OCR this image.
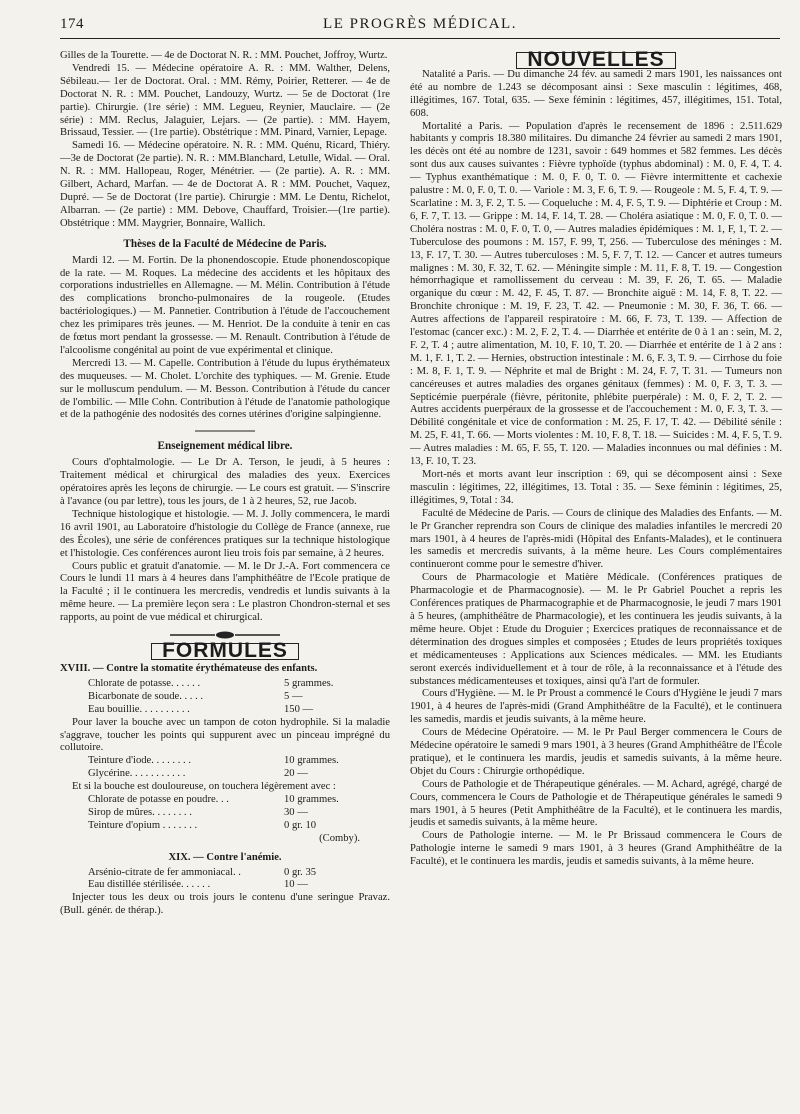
174	LE PROGRÈS MÉDICAL.

Gilles de la Tourette. — 4e de Doctorat N. R. : MM. Pouchet, Joffroy, Wurtz.

Vendredi 15. — Médecine opératoire A. R. : MM. Walther, Delens, Sébileau.— 1er de Doctorat. Oral. : MM. Rémy, Poirier, Retterer. — 4e de Doctorat N. R. : MM. Pouchet, Landouzy, Wurtz. — 5e de Doctorat (1re partie). Chirurgie. (1re série) : MM. Legueu, Reynier, Mauclaire. — (2e série) : MM. Reclus, Jalaguier, Lejars. — (2e partie). : MM. Hayem, Brissaud, Tessier. — (1re partie). Obstétrique : MM. Pinard, Varnier, Lepage.

Samedi 16. — Médecine opératoire. N. R. : MM. Quénu, Ricard, Thiéry.—3e de Doctorat (2e partie). N. R. : MM.Blanchard, Letulle, Widal. — Oral. N. R. : MM. Hallopeau, Roger, Ménétrier. — (2e partie). A. R. : MM. Gilbert, Achard, Marfan. — 4e de Doctorat A. R : MM. Pouchet, Vaquez, Dupré. — 5e de Doctorat (1re partie). Chirurgie : MM. Le Dentu, Richelot, Albarran. — (2e partie) : MM. Debove, Chauffard, Troisier.—(1re partie). Obstétrique : MM. Maygrier, Bonnaire, Wallich.

Thèses de la Faculté de Médecine de Paris.

Mardi 12. — M. Fortin. De la phonendoscopie. Etude phonendoscopique de la rate. — M. Roques. La médecine des accidents et les hôpitaux des corporations industrielles en Allemagne. — M. Mélin. Contribution à l'étude des complications broncho-pulmonaires de la rougeole. (Etudes bactériologiques.) — M. Pannetier. Contribution à l'étude de l'accouchement chez les primipares très jeunes. — M. Henriot. De la conduite à tenir en cas de fœtus mort pendant la grossesse. — M. Renault. Contribution à l'étude de l'alcoolisme congénital au point de vue expérimental et clinique.

Mercredi 13. — M. Capelle. Contribution à l'étude du lupus érythémateux des muqueuses. — M. Cholet. L'orchite des typhiques. — M. Grenie. Etude sur le molluscum pendulum. — M. Besson. Contribution à l'étude du cancer de l'ombilic. — Mlle Cohn. Contribution à l'étude de l'anatomie pathologique et de la pathogénie des nodosités des cornes utérines d'origine salpingienne.

Enseignement médical libre.

Cours d'ophtalmologie. — Le Dr A. Terson, le jeudi, à 5 heures : Traitement médical et chirurgical des maladies des yeux. Exercices opératoires après les leçons de chirurgie. — Le cours est gratuit. — S'inscrire à l'avance (ou par lettre), tous les jours, de 1 à 2 heures, 52, rue Jacob.

Technique histologique et histologie. — M. J. Jolly commencera, le mardi 16 avril 1901, au Laboratoire d'histologie du Collège de France (annexe, rue des Écoles), une série de conférences pratiques sur la technique histologique et l'histologie. Ces conférences auront lieu trois fois par semaine, à 2 heures.

Cours public et gratuit d'anatomie. — M. le Dr J.-A. Fort commencera ce Cours le lundi 11 mars à 4 heures dans l'amphithéâtre de l'Ecole pratique de la Faculté ; il le continuera les mercredis, vendredis et lundis suivants à la même heure. — La première leçon sera : Le plastron Chondron-sternal et ses rapports, au point de vue médical et chirurgical.

FORMULES
XVIII. — Contre la stomatite érythémateuse des enfants.
Chlorate de potasse. . . . . .	5 grammes.
Bicarbonate de soude. . . . .	5 —
Eau bouillie. . . . . . . . . .	150 —

Pour laver la bouche avec un tampon de coton hydrophile. Si la maladie s'aggrave, toucher les points qui suppurent avec un pinceau imprégné du collutoire.

Teinture d'iode. . . . . . . .	10 grammes.
Glycérine. . . . . . . . . . .	20 —

Et si la bouche est douloureuse, on touchera légèrement avec :

Chlorate de potasse en poudre. . .	10 grammes.
Sirop de mûres. . . . . . . .	30 —
Teinture d'opium . . . . . . .	0 gr. 10
(Comby).
XIX. — Contre l'anémie.
Arsénio-citrate de fer ammoniacal. .	0 gr. 35
Eau distillée stérilisée. . . . . .	10 —

Injecter tous les deux ou trois jours le contenu d'une seringue Pravaz. (Bull. génér. de thérap.).

NOUVELLES

Natalité a Paris. — Du dimanche 24 fév. au samedi 2 mars 1901, les naissances ont été au nombre de 1.243 se décomposant ainsi : Sexe masculin : légitimes, 468, illégitimes, 167. Total, 635. — Sexe féminin : légitimes, 457, illégitimes, 151. Total, 608.

Mortalité a Paris. — Population d'après le recensement de 1896 : 2.511.629 habitants y compris 18.380 militaires. Du dimanche 24 février au samedi 2 mars 1901, les décès ont été au nombre de 1231, savoir : 649 hommes et 582 femmes. Les décès sont dus aux causes suivantes : Fièvre typhoïde (typhus abdominal) : M. 0, F. 4, T. 4. — Typhus exanthématique : M. 0, F. 0, T. 0. — Fièvre intermittente et cachexie palustre : M. 0, F. 0, T. 0. — Variole : M. 3, F. 6, T. 9. — Rougeole : M. 5, F. 4, T. 9. — Scarlatine : M. 3, F. 2, T. 5. — Coqueluche : M. 4, F. 5, T. 9. — Diphtérie et Croup : M. 6, F. 7, T. 13. — Grippe : M. 14, F. 14, T. 28. — Choléra asiatique : M. 0, F. 0, T. 0. — Choléra nostras : M. 0, F. 0, T. 0, — Autres maladies épidémiques : M. 1, F, 1, T. 2. — Tuberculose des poumons : M. 157, F. 99, T, 256. — Tuberculose des méninges : M. 13, F. 17, T. 30. — Autres tuberculoses : M. 5, F. 7, T. 12. — Cancer et autres tumeurs malignes : M. 30, F. 32, T. 62. — Méningite simple : M. 11, F. 8, T. 19. — Congestion hémorrhagique et ramollissement du cerveau : M. 39, F. 26, T. 65. — Maladie organique du cœur : M. 42, F. 45, T. 87. — Bronchite aiguë : M. 14, F. 8, T. 22. — Bronchite chronique : M. 19, F. 23, T. 42. — Pneumonie : M. 30, F. 36, T. 66. — Autres affections de l'appareil respiratoire : M. 66, F. 73, T. 139. — Affection de l'estomac (cancer exc.) : M. 2, F. 2, T. 4. — Diarrhée et entérite de 0 à 1 an : sein, M. 2, F. 2, T. 4 ; autre alimentation, M. 10, F. 10, T. 20. — Diarrhée et entérite de 1 à 2 ans : M. 1, F. 1, T. 2. — Hernies, obstruction intestinale : M. 6, F. 3, T. 9. — Cirrhose du foie : M. 8, F. 1, T. 9. — Néphrite et mal de Bright : M. 24, F. 7, T. 31. — Tumeurs non cancéreuses et autres maladies des organes génitaux (femmes) : M. 0, F. 3, T. 3. — Septicémie puerpérale (fièvre, péritonite, phlébite puerpérale) : M. 0, F. 2, T. 2. — Autres accidents puerpéraux de la grossesse et de l'accouchement : M. 0, F. 3, T. 3. — Débilité congénitale et vice de conformation : M. 25, F. 17, T. 42. — Débilité sénile : M. 25, F. 41, T. 66. — Morts violentes : M. 10, F. 8, T. 18. — Suicides : M. 4, F. 5, T. 9. — Autres maladies : M. 65, F. 55, T. 120. — Maladies inconnues ou mal définies : M. 13, F. 10, T. 23.

Mort-nés et morts avant leur inscription : 69, qui se décomposent ainsi : Sexe masculin : légitimes, 22, illégitimes, 13. Total : 35. — Sexe féminin : légitimes, 25, illégitimes, 9, Total : 34.

Faculté de Médecine de Paris. — Cours de clinique des Maladies des Enfants. — M. le Pr Grancher reprendra son Cours de clinique des maladies infantiles le mercredi 20 mars 1901, à 4 heures de l'après-midi (Hôpital des Enfants-Malades), et le continuera les samedis et mercredis suivants, à la même heure. Les Cours complémentaires continueront comme pour le semestre d'hiver.

Cours de Pharmacologie et Matière Médicale. (Conférences pratiques de Pharmacologie et de Pharmacognosie). — M. le Pr Gabriel Pouchet a repris les Conférences pratiques de Pharmacographie et de Pharmacognosie, le jeudi 7 mars 1901 à 5 heures, (amphithéâtre de Pharmacologie), et les continuera les jeudis suivants, à la même heure. Objet : Etude du Droguier ; Exercices pratiques de reconnaissance et de détermination des drogues simples et composées ; Etudes de leurs propriétés toxiques et médicamenteuses : Applications aux Sciences médicales. — MM. les Etudiants seront exercés individuellement et à tour de rôle, à la reconnaissance et à l'étude des substances médicamenteuses et toxiques, ainsi qu'à l'art de formuler.

Cours d'Hygiène. — M. le Pr Proust a commencé le Cours d'Hygiène le jeudi 7 mars 1901, à 4 heures de l'après-midi (Grand Amphithéâtre de la Faculté), et le continuera les samedis, mardis et jeudis suivants, à la même heure.

Cours de Médecine Opératoire. — M. le Pr Paul Berger commencera le Cours de Médecine opératoire le samedi 9 mars 1901, à 3 heures (Grand Amphithéâtre de l'École pratique), et le continuera les mardis, jeudis et samedis suivants, à la même heure. Objet du Cours : Chirurgie orthopédique.

Cours de Pathologie et de Thérapeutique générales. — M. Achard, agrégé, chargé de Cours, commencera le Cours de Pathologie et de Thérapeutique générales le samedi 9 mars 1901, à 5 heures (Petit Amphithéâtre de la Faculté), et le continuera les mardis, jeudis et samedis suivants, à la même heure.

Cours de Pathologie interne. — M. le Pr Brissaud commencera le Cours de Pathologie interne le samedi 9 mars 1901, à 3 heures (Grand Amphithéâtre de la Faculté), et le continuera les mardis, jeudis et samedis suivants, à la même heure.
